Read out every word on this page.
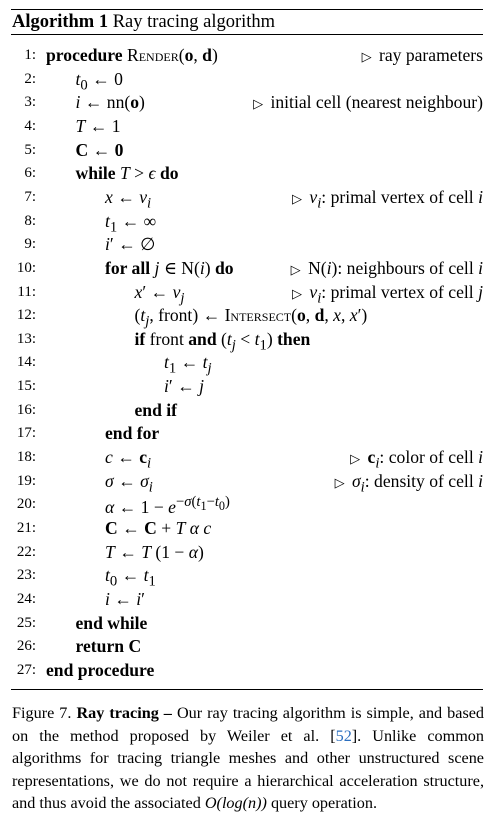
Algorithm 1 Ray tracing algorithm
1: procedure Render(o, d)	▷ ray parameters
2: $t_0$ ← 0
3: i ← nn(o)	▷ initial cell (nearest neighbour)
4: T ← 1
5: C ← 0
6: while T > ϵ do
7:	x ← $v_i$	▷ $v_i$: primal vertex of cell i
8:	$t_1$ ← ∞
9:	i′ ← ∅
10:	for all j ∈ N(i) do	▷ N(i): neighbours of cell i
11:	x′ ← $v_j$	▷ $v_i$: primal vertex of cell j
12:	($t_j$, front) ← Intersect(o, d, x, x′)
13:	if front and $(t_j < t_1)$ then
14:	$t_1$ ← $t_j$
15:	i′ ← j
16:	end if
17:	end for
18:	c ← $c_i$	▷ $c_i$: color of cell i
19:	σ ← $\sigma_i$	▷ $\sigma_i$: density of cell i
20:	α ← $1 - e^{-\sigma(t_1-t_0)}$
21:	C ← C + T α c
22:	T ← T (1 − α)
23:	$t_0$ ← $t_1$
24:	i ← i′
25: end while
26: return C
27: end procedure
Figure 7. Ray tracing – Our ray tracing algorithm is simple, and based on the method proposed by Weiler et al. [52]. Unlike common algorithms for tracing triangle meshes and other unstructured scene representations, we do not require a hierarchical acceleration structure, and thus avoid the associated O(log(n)) query operation.
